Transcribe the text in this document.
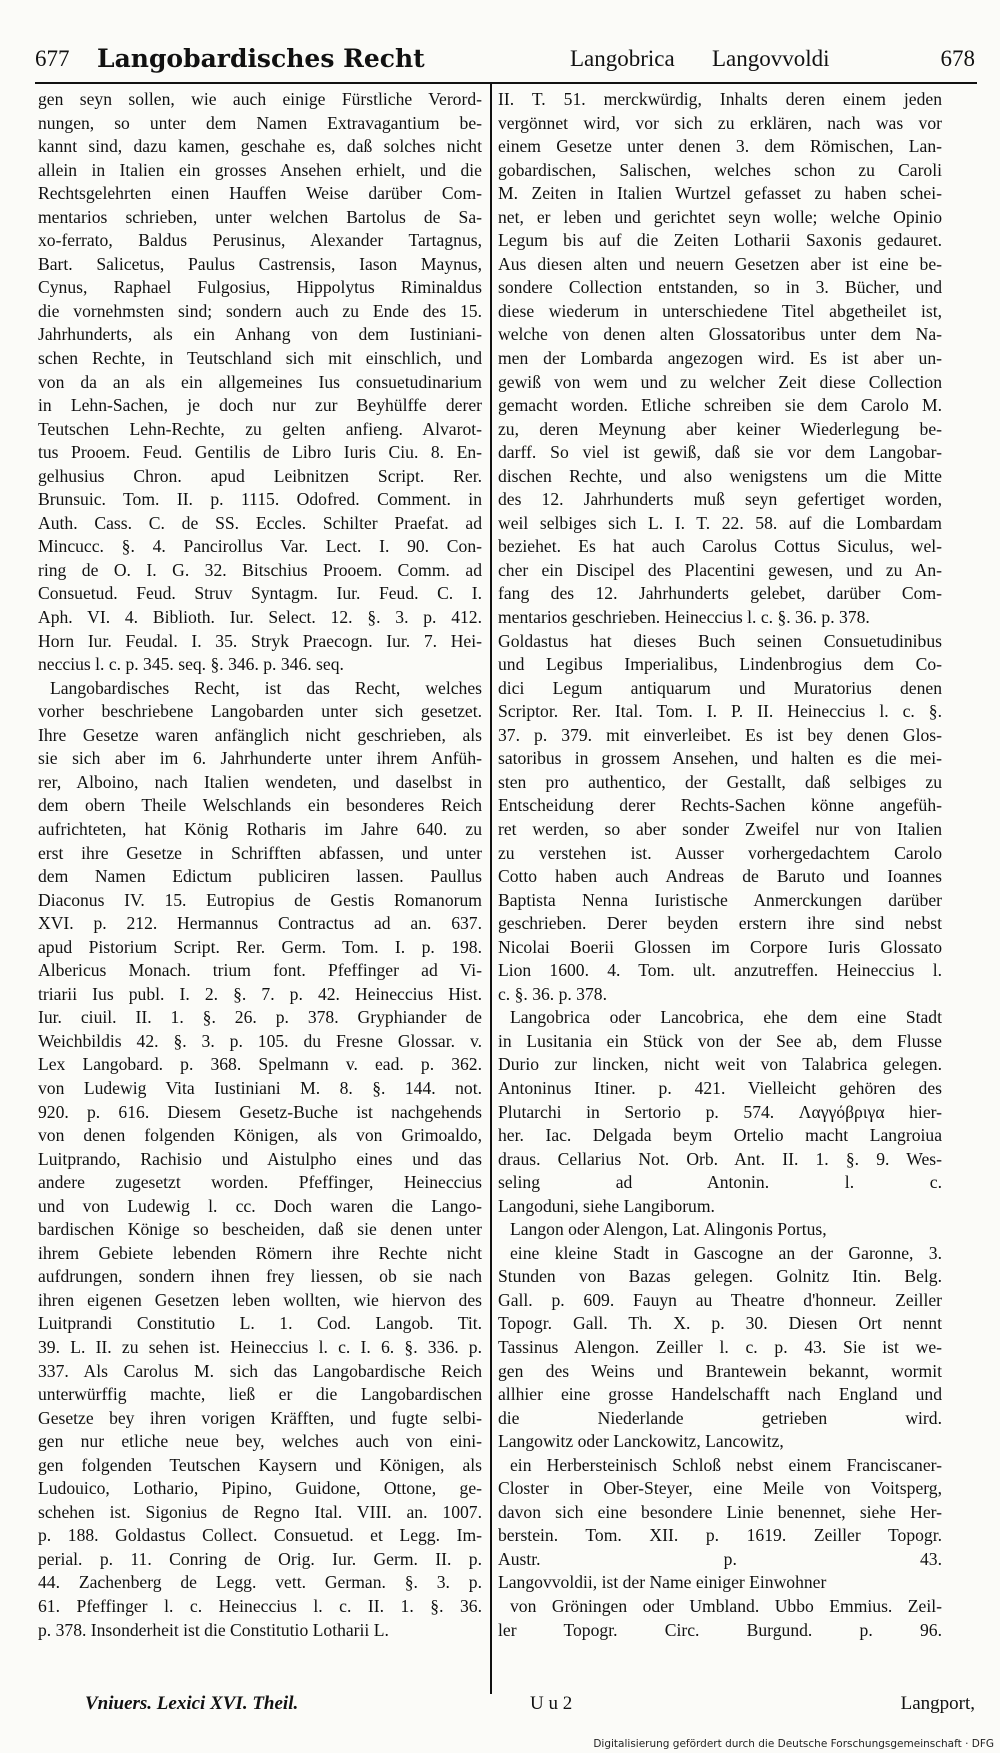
677 Langobardisches Recht	Langobrica Langovvoldi	678
gen seyn sollen, wie auch einige Fürstliche Verord-
nungen, so unter dem Namen Extravagantium be-
kannt sind, dazu kamen, geschahe es, daß solches nicht
allein in Italien ein grosses Ansehen erhielt, und die
Rechtsgelehrten einen Hauffen Weise darüber Com-
mentarios schrieben, unter welchen Bartolus de Sa-
xo-ferrato, Baldus Perusinus, Alexander Tartagnus,
Bart. Salicetus, Paulus Castrensis, Iason Maynus,
Cynus, Raphael Fulgosius, Hippolytus Riminaldus
die vornehmsten sind; sondern auch zu Ende des 15.
Jahrhunderts, als ein Anhang von dem Iustiniani-
schen Rechte, in Teutschland sich mit einschlich, und
von da an als ein allgemeines Ius consuetudinarium
in Lehn-Sachen, je doch nur zur Beyhülffe derer
Teutschen Lehn-Rechte, zu gelten anfieng. Alvarot-
tus Prooem. Feud. Gentilis de Libro Iuris Ciu. 8. En-
gelhusius Chron. apud Leibnitzen Script. Rer.
Brunsuic. Tom. II. p. 1115. Odofred. Comment. in
Auth. Cass. C. de SS. Eccles. Schilter Praefat. ad
Mincucc. §. 4. Pancirollus Var. Lect. I. 90. Con-
ring de O. I. G. 32. Bitschius Prooem. Comm. ad
Consuetud. Feud. Struv Syntagm. Iur. Feud. C. I.
Aph. VI. 4. Biblioth. Iur. Select. 12. §. 3. p. 412.
Horn Iur. Feudal. I. 35. Stryk Praecogn. Iur. 7. Hei-
neccius l. c. p. 345. seq. §. 346. p. 346. seq.
Langobardisches Recht, ist das Recht, welches
vorher beschriebene Langobarden unter sich gesetzet.
Ihre Gesetze waren anfänglich nicht geschrieben, als
sie sich aber im 6. Jahrhunderte unter ihrem Anfüh-
rer, Alboino, nach Italien wendeten, und daselbst in
dem obern Theile Welschlands ein besonderes Reich
aufrichteten, hat König Rotharis im Jahre 640. zu
erst ihre Gesetze in Schrifften abfassen, und unter
dem Namen Edictum publiciren lassen. Paullus
Diaconus IV. 15. Eutropius de Gestis Romanorum
XVI. p. 212. Hermannus Contractus ad an. 637.
apud Pistorium Script. Rer. Germ. Tom. I. p. 198.
Albericus Monach. trium font. Pfeffinger ad Vi-
triarii Ius publ. I. 2. §. 7. p. 42. Heineccius Hist.
Iur. ciuil. II. 1. §. 26. p. 378. Gryphiander de
Weichbildis 42. §. 3. p. 105. du Fresne Glossar. v.
Lex Langobard. p. 368. Spelmann v. ead. p. 362.
von Ludewig Vita Iustiniani M. 8. §. 144. not.
920. p. 616. Diesem Gesetz-Buche ist nachgehends
von denen folgenden Königen, als von Grimoaldo,
Luitprando, Rachisio und Aistulpho eines und das
andere zugesetzt worden. Pfeffinger, Heineccius
und von Ludewig l. cc. Doch waren die Lango-
bardischen Könige so bescheiden, daß sie denen unter
ihrem Gebiete lebenden Römern ihre Rechte nicht
aufdrungen, sondern ihnen frey liessen, ob sie nach
ihren eigenen Gesetzen leben wollten, wie hiervon des
Luitprandi Constitutio L. 1. Cod. Langob. Tit.
39. L. II. zu sehen ist. Heineccius l. c. I. 6. §. 336. p.
337. Als Carolus M. sich das Langobardische Reich
unterwürffig machte, ließ er die Langobardischen
Gesetze bey ihren vorigen Kräfften, und fugte selbi-
gen nur etliche neue bey, welches auch von eini-
gen folgenden Teutschen Kaysern und Königen, als
Ludouico, Lothario, Pipino, Guidone, Ottone, ge-
schehen ist. Sigonius de Regno Ital. VIII. an. 1007.
p. 188. Goldastus Collect. Consuetud. et Legg. Im-
perial. p. 11. Conring de Orig. Iur. Germ. II. p.
44. Zachenberg de Legg. vett. German. §. 3. p.
61. Pfeffinger l. c. Heineccius l. c. II. 1. §. 36.
p. 378. Insonderheit ist die Constitutio Lotharii L.
II. T. 51. merckwürdig, Inhalts deren einem jeden
vergönnet wird, vor sich zu erklären, nach was vor
einem Gesetze unter denen 3. dem Römischen, Lan-
gobardischen, Salischen, welches schon zu Caroli
M. Zeiten in Italien Wurtzel gefasset zu haben schei-
net, er leben und gerichtet seyn wolle; welche Opinio
Legum bis auf die Zeiten Lotharii Saxonis gedauret.
Aus diesen alten und neuern Gesetzen aber ist eine be-
sondere Collection entstanden, so in 3. Bücher, und
diese wiederum in unterschiedene Titel abgetheilet ist,
welche von denen alten Glossatoribus unter dem Na-
men der Lombarda angezogen wird. Es ist aber un-
gewiß von wem und zu welcher Zeit diese Collection
gemacht worden. Etliche schreiben sie dem Carolo M.
zu, deren Meynung aber keiner Wiederlegung be-
darff. So viel ist gewiß, daß sie vor dem Langobar-
dischen Rechte, und also wenigstens um die Mitte
des 12. Jahrhunderts muß seyn gefertiget worden,
weil selbiges sich L. I. T. 22. 58. auf die Lombardam
beziehet. Es hat auch Carolus Cottus Siculus, wel-
cher ein Discipel des Placentini gewesen, und zu An-
fang des 12. Jahrhunderts gelebet, darüber Com-
mentarios geschrieben. Heineccius l. c. §. 36. p. 378.
Goldastus hat dieses Buch seinen Consuetudinibus
und Legibus Imperialibus, Lindenbrogius dem Co-
dici Legum antiquarum und Muratorius denen
Scriptor. Rer. Ital. Tom. I. P. II. Heineccius l. c. §.
37. p. 379. mit einverleibet. Es ist bey denen Glos-
satoribus in grossem Ansehen, und halten es die mei-
sten pro authentico, der Gestallt, daß selbiges zu
Entscheidung derer Rechts-Sachen könne angefüh-
ret werden, so aber sonder Zweifel nur von Italien
zu verstehen ist. Ausser vorhergedachtem Carolo
Cotto haben auch Andreas de Baruto und Ioannes
Baptista Nenna Iuristische Anmerckungen darüber
geschrieben. Derer beyden erstern ihre sind nebst
Nicolai Boerii Glossen im Corpore Iuris Glossato
Lion 1600. 4. Tom. ult. anzutreffen. Heineccius l.
c. §. 36. p. 378.
Langobrica oder Lancobrica, ehe dem eine Stadt
in Lusitania ein Stück von der See ab, dem Flusse
Durio zur lincken, nicht weit von Talabrica gelegen.
Antoninus Itiner. p. 421. Vielleicht gehören des
Plutarchi in Sertorio p. 574. Λαγγόβριγα hier-
her. Iac. Delgada beym Ortelio macht Langroiua
draus. Cellarius Not. Orb. Ant. II. 1. §. 9. Wes-
seling ad Antonin. l. c.
Langoduni, siehe Langiborum.
Langon oder Alengon, Lat. Alingonis Portus,
eine kleine Stadt in Gascogne an der Garonne, 3.
Stunden von Bazas gelegen. Golnitz Itin. Belg.
Gall. p. 609. Fauyn au Theatre d'honneur. Zeiller
Topogr. Gall. Th. X. p. 30. Diesen Ort nennt
Tassinus Alengon. Zeiller l. c. p. 43. Sie ist we-
gen des Weins und Brantewein bekannt, wormit
allhier eine grosse Handelschafft nach England und
die Niederlande getrieben wird.
Langowitz oder Lanckowitz, Lancowitz,
ein Herbersteinisch Schloß nebst einem Franciscaner-
Closter in Ober-Steyer, eine Meile von Voitsperg,
davon sich eine besondere Linie benennet, siehe Her-
berstein. Tom. XII. p. 1619. Zeiller Topogr.
Austr. p. 43.
Langovvoldii, ist der Name einiger Einwohner
von Gröningen oder Umbland. Ubbo Emmius. Zeil-
ler Topogr. Circ. Burgund. p. 96.
Vniuers. Lexici XVI. Theil.	U u 2	Langport,
Digitalisierung gefördert durch die Deutsche Forschungsgemeinschaft · DFG
